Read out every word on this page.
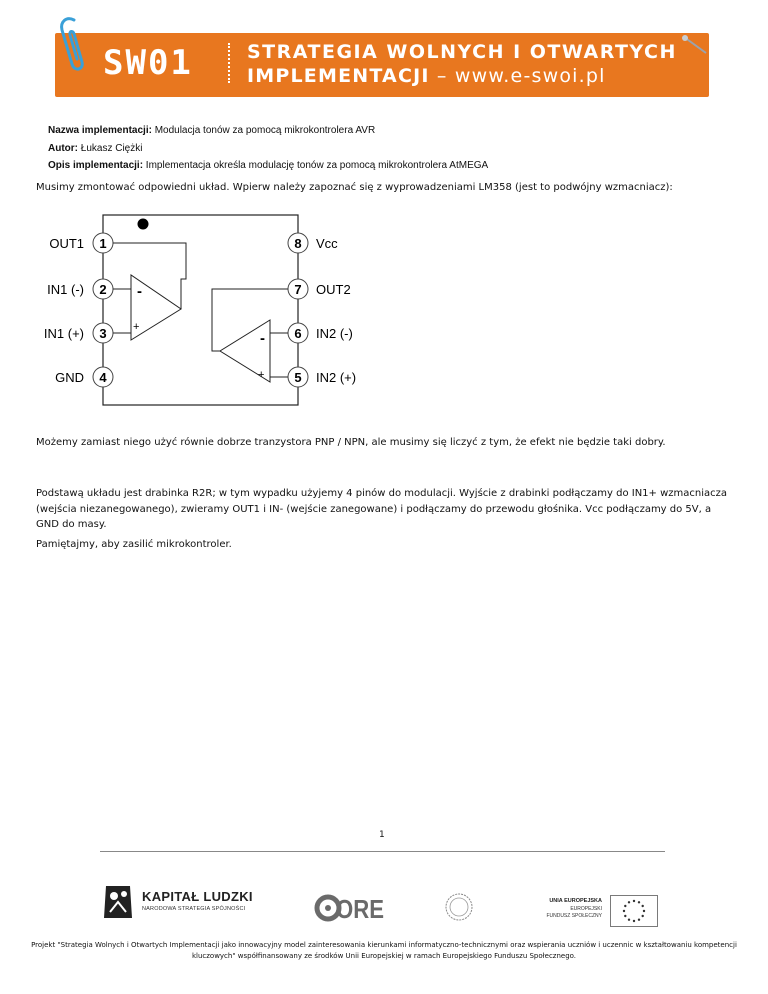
SW01	STRATEGIA WOLNYCH I OTWARTYCH
IMPLEMENTACJI – www.e-swoi.pl
Nazwa implementacji: Modulacja tonów za pomocą mikrokontrolera AVR
Autor: Łukasz Ciężki
Opis implementacji: Implementacja określa modulację tonów za pomocą mikrokontrolera AtMEGA
Musimy zmontować odpowiedni układ. Wpierw należy zapoznać się z wyprowadzeniami LM358 (jest to podwójny wzmacniacz):
1
2
3
4
8
7
6
5
OUT1
IN1 (-)
IN1 (+)
GND
Vcc
OUT2
IN2 (-)
IN2 (+)
-
+
-
+
Możemy zamiast niego użyć równie dobrze tranzystora PNP / NPN, ale musimy się liczyć z tym, że efekt nie będzie taki dobry.
Podstawą układu jest drabinka R2R; w tym wypadku użyjemy 4 pinów do modulacji. Wyjście z drabinki podłączamy do IN1+ wzmacniacza (wejścia niezanegowanego), zwieramy OUT1 i IN- (wejście zanegowane) i podłączamy do przewodu głośnika. Vcc podłączamy do 5V, a GND do masy.
Pamiętajmy, aby zasilić mikrokontroler.
1
KAPITAŁ LUDZKI
NARODOWA STRATEGIA SPÓJNOŚCI	ORE	UNIA EUROPEJSKA
EUROPEJSKI
FUNDUSZ SPOŁECZNY
Projekt "Strategia Wolnych i Otwartych Implementacji jako innowacyjny model zainteresowania kierunkami informatyczno-technicznymi oraz wspierania uczniów i uczennic w kształtowaniu kompetencji kluczowych" współfinansowany ze środków Unii Europejskiej w ramach Europejskiego Funduszu Społecznego.
